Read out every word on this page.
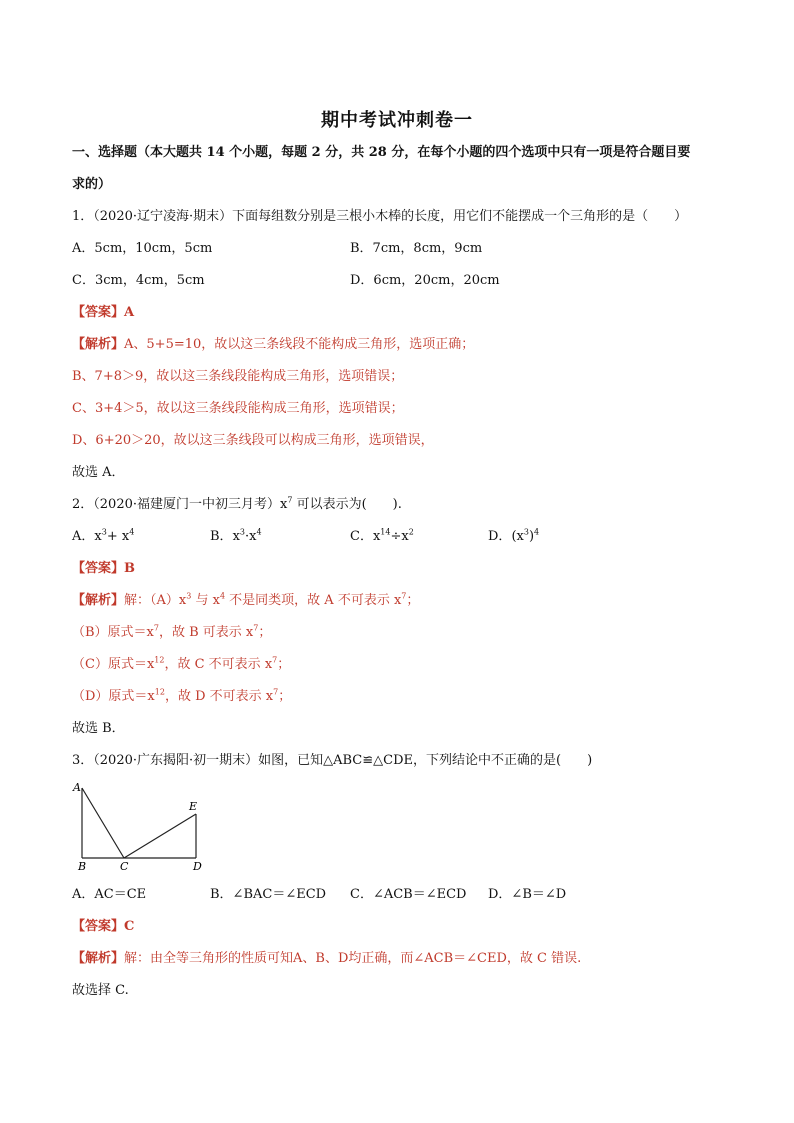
期中考试冲刺卷一
一、选择题（本大题共 14 个小题，每题 2 分，共 28 分，在每个小题的四个选项中只有一项是符合题目要
求的）
1．（2020·辽宁凌海·期末）下面每组数分别是三根小木棒的长度，用它们不能摆成一个三角形的是（　　）
A．5cm，10cm，5cm	B．7cm，8cm，9cm
C．3cm，4cm，5cm	D．6cm，20cm，20cm
【答案】A
【解析】A、5+5=10，故以这三条线段不能构成三角形，选项正确；
B、7+8＞9，故以这三条线段能构成三角形，选项错误；
C、3+4＞5，故以这三条线段能构成三角形，选项错误；
D、6+20＞20，故以这三条线段可以构成三角形，选项错误，
故选 A．
2．（2020·福建厦门一中初三月考）$x^7$ 可以表示为(　　).
A．$x^3+ x^4$	B．$x^3\cdot x^4$	C．$x^{14}\div x^2$	D．$(x^3)^4$
【答案】B
【解析】解：$(A)x^3$ 与 $x^4$ 不是同类项，故 A 不可表示 $x^7$；
（B）原式$=x^7$，故 B 可表示 $x^7$；
（C）原式$=x^{12}$，故 C 不可表示 $x^7$；
（D）原式$=x^{12}$，故 D 不可表示 $x^7$；
故选 B．
3．（2020·广东揭阳·初一期末）如图，已知△ABC≌△CDE，下列结论中不正确的是(　　)
A
B	C	D
E
A．AC＝CE	B．∠BAC＝∠ECD C．∠ACB＝∠ECD D．∠B＝∠D
【答案】C
【解析】解：由全等三角形的性质可知A、B、D均正确，而∠ACB＝∠CED，故 C 错误.
故选择 C.
